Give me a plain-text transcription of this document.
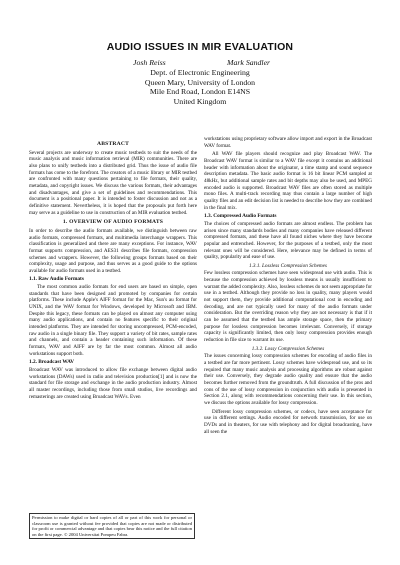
AUDIO ISSUES IN MIR EVALUATION
Josh Reiss	Mark Sandler
Dept. of Electronic Engineering
Queen Mary, University of London
Mile End Road, London E14NS
United Kingdom
ABSTRACT

Several projects are underway to create music testbeds to suit the needs of the music analysis and music information retrieval (MIR) communities. There are also plans to unify testbeds into a distributed grid. Thus the issue of audio file formats has come to the forefront. The creators of a music library or MIR testbed are confronted with many questions pertaining to file formats, their quality, metadata, and copyright issues. We discuss the various formats, their advantages and disadvantages, and give a set of guidelines and recommendations. This document is a positional paper. It is intended to foster discussion and not as a definitive statement. Nevertheless, it is hoped that the proposals put forth here may serve as a guideline to use in construction of an MIR evaluation testbed.

1. OVERVIEW OF AUDIO FORMATS

In order to describe the audio formats available, we distinguish between raw audio formats, compressed formats, and multimedia interchange wrappers. This classification is generalized and there are many exceptions. For instance, WAV format supports compression, and AES31 describes file formats, compression schemes and wrappers. However, the following groups formats based on their complexity, usage and purpose, and thus serves as a good guide to the options available for audio formats used in a testbed.

1.1. Raw Audio Formats

The most common audio formats for end users are based on simple, open standards that have been designed and promoted by companies for certain platforms. These include Apple's AIFF format for the Mac, Sun's au format for UNIX, and the WAV format for Windows, developed by Microsoft and IBM. Despite this legacy, these formats can be played on almost any computer using many audio applications, and contain no features specific to their original intended platforms. They are intended for storing uncompressed, PCM-encoded, raw audio in a single binary file. They support a variety of bit rates, sample rates and channels, and contain a header containing such information. Of these formats, WAV and AIFF are by far the most common. Almost all audio workstations support both.

1.2. Broadcast WAV

Broadcast WAV was introduced to allow file exchange between digital audio workstations (DAWs) used in radio and television production[1] and is now the standard for file storage and exchange in the audio production industry. Almost all master recordings, including those from small studios, live recordings and remasterings are created using Broadcast WAVs. Even

Permission to make digital or hard copies of all or part of this work for personal or classroom use is granted without fee provided that copies are not made or distributed for profit or commercial advantage and that copies bear this notice and the full citation on the first page. © 2004 Universitat Pompeu Fabra.

workstations using proprietary software allow import and export in the Broadcast WAV format.

All WAV file players should recognize and play Broadcast WAV. The Broadcast WAV format is similar to a WAV file except it contains an additional header with information about the originator, a time stamp and sound sequence description metadata. The basic audio format is 16 bit linear PCM sampled at 48kHz, but additional sample rates and bit depths may also be used, and MPEG encoded audio is supported. Broadcast WAV files are often stored as multiple mono files. A multi-track recording may thus contain a large number of high quality files and an edit decision list is needed to describe how they are combined in the final mix.

1.3. Compressed Audio Formats

The choices of compressed audio formats are almost endless. The problem has arisen since many standards bodies and many companies have released different compressed formats, and these have all found niches where they have become popular and entrenched. However, for the purposes of a testbed, only the most relevant ones will be considered. Here, relevance may be defined in terms of quality, popularity and ease of use.

1.3.1. Lossless Compression Schemes

Few lossless compression schemes have seen widespread use with audio. This is because the compression achieved by lossless means is usually insufficient to warrant the added complexity. Also, lossless schemes do not seem appropriate for use in a testbed. Although they provide no loss in quality, many players would not support them, they provide additional computational cost in encoding and decoding, and are not typically used for many of the audio formats under consideration. But the overriding reason why they are not necessary is that if it can be assumed that the testbed has ample storage space, then the primary purpose for lossless compression becomes irrelevant. Conversely, if storage capacity is significantly limited, then only lossy compression provides enough reduction in file size to warrant its use.

1.3.2. Lossy Compression Schemes

The issues concerning lossy compression schemes for encoding of audio files in a testbed are far more pertinent. Lossy schemes have widespread use, and so its required that many music analysis and processing algorithms are robust against their use. Conversely, they degrade audio quality and ensure that the audio becomes further removed from the groundtruth. A full discussion of the pros and cons of the use of lossy compression in conjunction with audio is presented in Section 2.1, along with recommendations concerning their use. In this section, we discuss the options available for lossy compression.

Different lossy compression schemes, or codecs, have seen acceptance for use in different settings. Audio encoded for network transmission, for use on DVDs and in theaters, for use with telephony and for digital broadcasting, have all seen the
